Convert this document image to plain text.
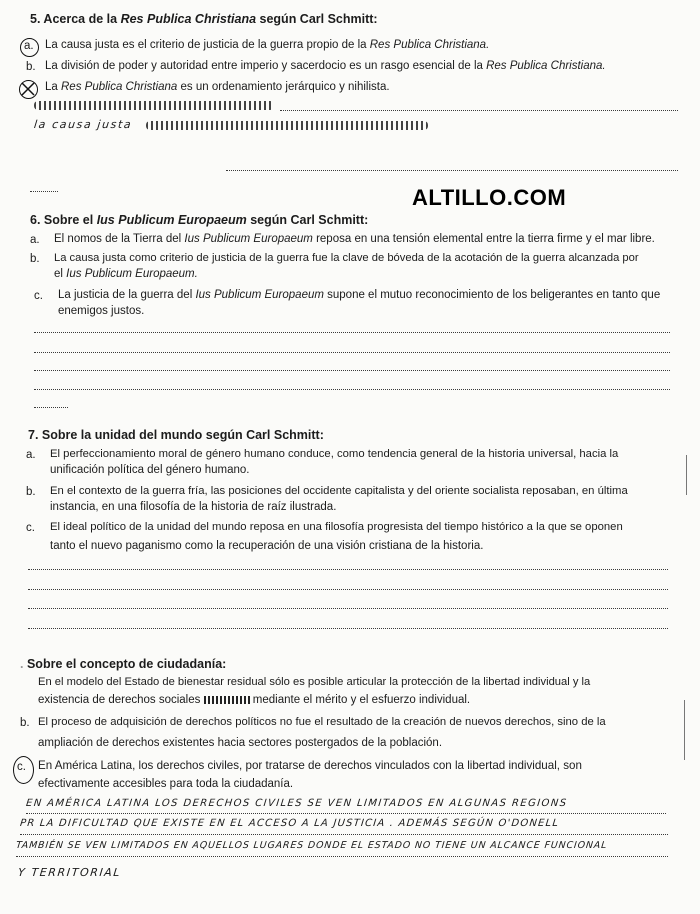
5. Acerca de la Res Publica Christiana según Carl Schmitt:
a. La causa justa es el criterio de justicia de la guerra propio de la Res Publica Christiana.
b. La división de poder y autoridad entre imperio y sacerdocio es un rasgo esencial de la Res Publica Christiana.
La Res Publica Christiana es un ordenamiento jerárquico y nihilista.
la causa justa
ALTILLO.COM
6. Sobre el Ius Publicum Europaeum según Carl Schmitt:
a. El nomos de la Tierra del Ius Publicum Europaeum reposa en una tensión elemental entre la tierra firme y el mar libre.
b. La causa justa como criterio de justicia de la guerra fue la clave de bóveda de la acotación de la guerra alcanzada por
el Ius Publicum Europaeum.
c. La justicia de la guerra del Ius Publicum Europaeum supone el mutuo reconocimiento de los beligerantes en tanto que
enemigos justos.
7. Sobre la unidad del mundo según Carl Schmitt:
a. El perfeccionamiento moral de género humano conduce, como tendencia general de la historia universal, hacia la
unificación política del género humano.
b. En el contexto de la guerra fría, las posiciones del occidente capitalista y del oriente socialista reposaban, en última
instancia, en una filosofía de la historia de raíz ilustrada.
c. El ideal político de la unidad del mundo reposa en una filosofía progresista del tiempo histórico a la que se oponen
tanto el nuevo paganismo como la recuperación de una visión cristiana de la historia.
. Sobre el concepto de ciudadanía:
En el modelo del Estado de bienestar residual sólo es posible articular la protección de la libertad individual y la
existencia de derechos sociales	mediante el mérito y el esfuerzo individual.
b. El proceso de adquisición de derechos políticos no fue el resultado de la creación de nuevos derechos, sino de la
ampliación de derechos existentes hacia sectores postergados de la población.
c. En América Latina, los derechos civiles, por tratarse de derechos vinculados con la libertad individual, son
efectivamente accesibles para toda la ciudadanía.
EN AMÉRICA LATINA LOS DERECHOS CIVILES SE VEN LIMITADOS EN ALGUNAS REGIONS
PR LA DIFICULTAD QUE EXISTE EN EL ACCESO A LA JUSTICIA . ADEMÁS SEGÚN O'DONELL
TAMBIÉN SE VEN LIMITADOS EN AQUELLOS LUGARES DONDE EL ESTADO NO TIENE UN ALCANCE FUNCIONAL
Y TERRITORIAL
